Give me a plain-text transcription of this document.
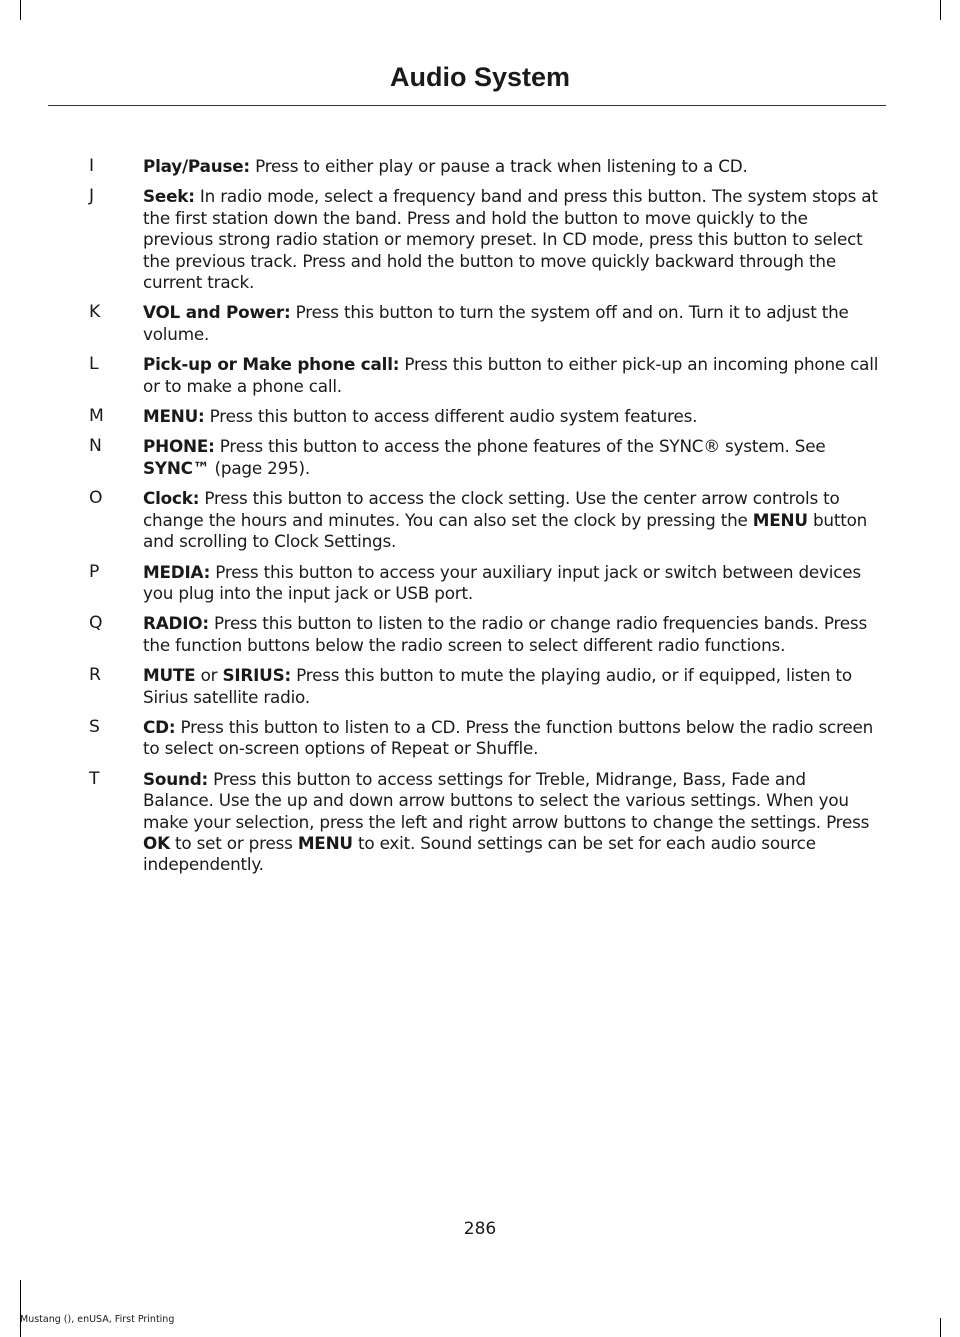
Audio System
I	Play/Pause: Press to either play or pause a track when listening to a CD.
J	Seek: In radio mode, select a frequency band and press this button. The system stops at the first station down the band. Press and hold the button to move quickly to the previous strong radio station or memory preset. In CD mode, press this button to select the previous track. Press and hold the button to move quickly backward through the current track.
K	VOL and Power: Press this button to turn the system off and on. Turn it to adjust the volume.
L	Pick-up or Make phone call: Press this button to either pick-up an incoming phone call or to make a phone call.
M	MENU: Press this button to access different audio system features.
N	PHONE: Press this button to access the phone features of the SYNC® system. See SYNC™ (page 295).
O	Clock: Press this button to access the clock setting. Use the center arrow controls to change the hours and minutes. You can also set the clock by pressing the MENU button and scrolling to Clock Settings.
P	MEDIA: Press this button to access your auxiliary input jack or switch between devices you plug into the input jack or USB port.
Q	RADIO: Press this button to listen to the radio or change radio frequencies bands. Press the function buttons below the radio screen to select different radio functions.
R	MUTE or SIRIUS: Press this button to mute the playing audio, or if equipped, listen to Sirius satellite radio.
S	CD: Press this button to listen to a CD. Press the function buttons below the radio screen to select on-screen options of Repeat or Shuffle.
T	Sound: Press this button to access settings for Treble, Midrange, Bass, Fade and Balance. Use the up and down arrow buttons to select the various settings. When you make your selection, press the left and right arrow buttons to change the settings. Press OK to set or press MENU to exit. Sound settings can be set for each audio source independently.
286
Mustang (), enUSA, First Printing
